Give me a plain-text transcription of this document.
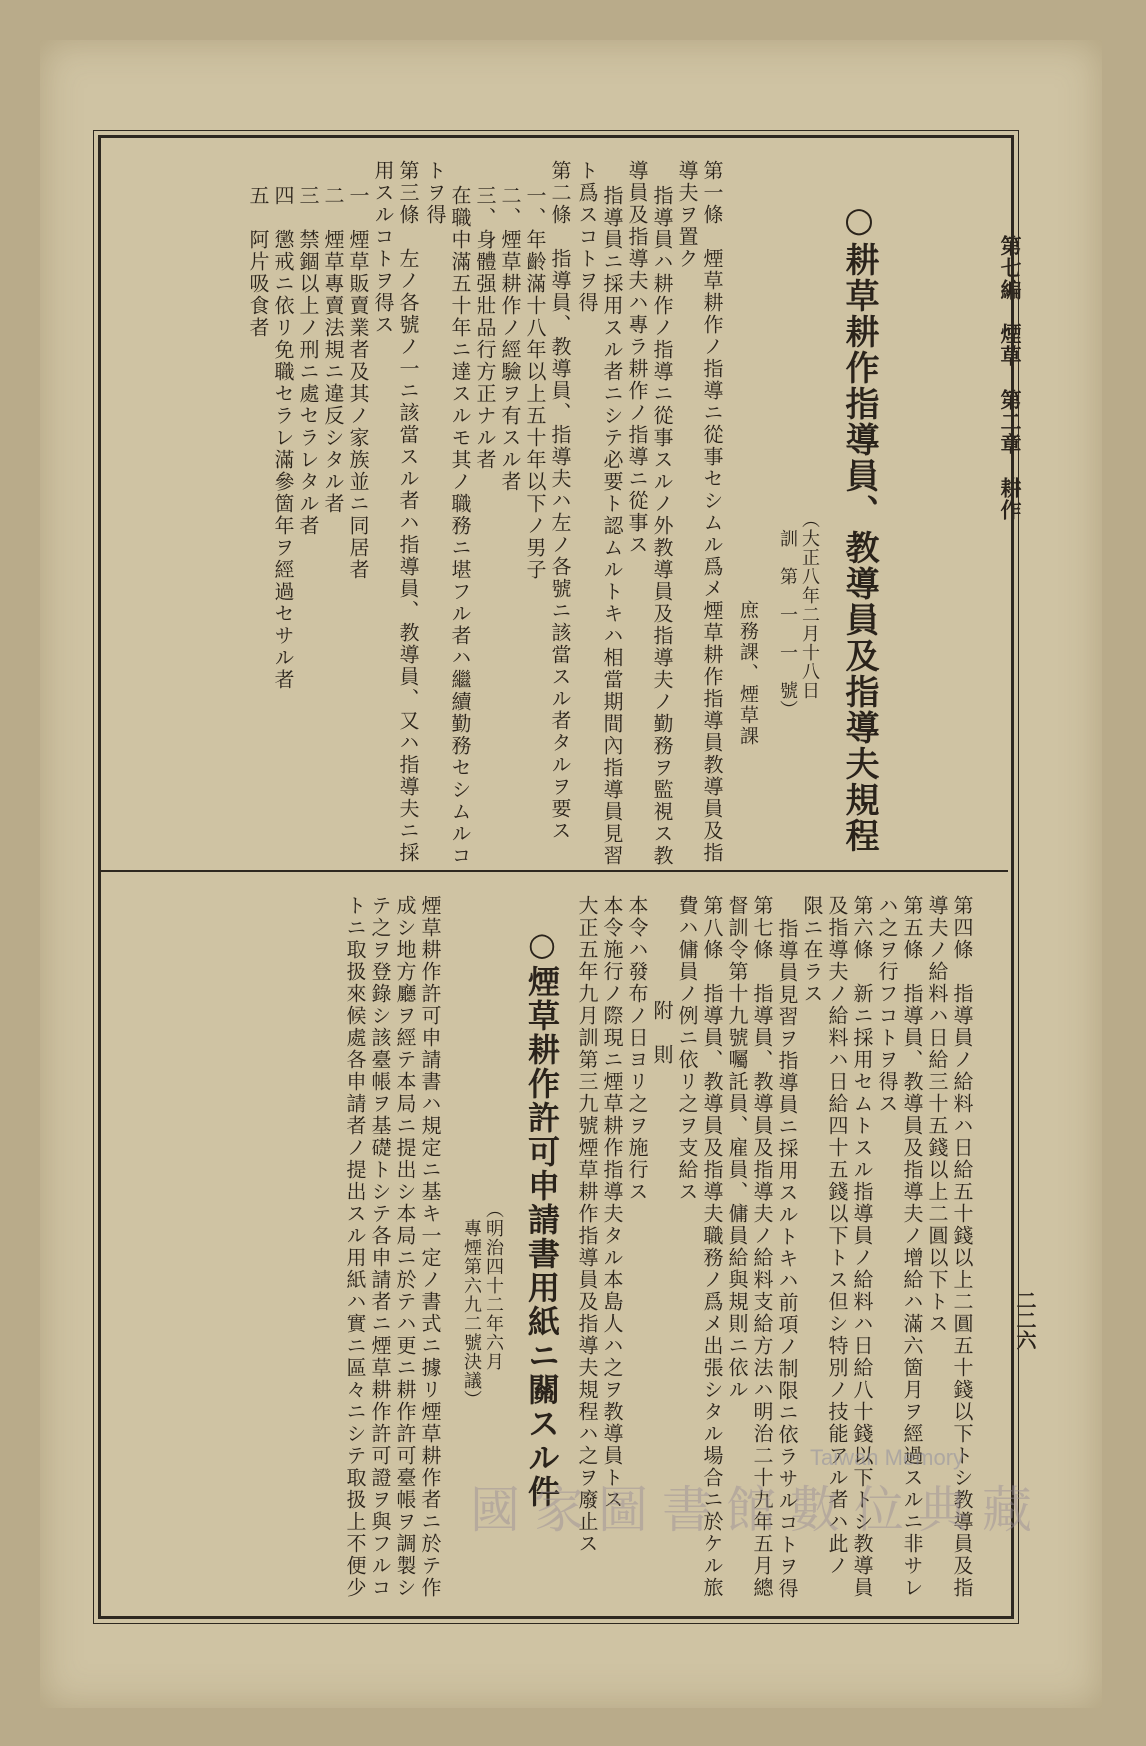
第七編　煙草　第二章　耕作
二二六
○耕草耕作指導員、教導員及指導夫規程
（大正八年二月十八日
　訓　第　一　一　號）
庶務課、煙草課
第一條　煙草耕作ノ指導ニ從事セシムル爲メ煙草耕作指導員教導員及指
導夫ヲ置ク
指導員ハ耕作ノ指導ニ從事スルノ外教導員及指導夫ノ勤務ヲ監視ス教
導員及指導夫ハ專ラ耕作ノ指導ニ從事ス
指導員ニ採用スル者ニシテ必要ト認ムルトキハ相當期間內指導員見習
ト爲スコトヲ得
第二條　指導員、教導員、指導夫ハ左ノ各號ニ該當スル者タルヲ要ス
一、年齡滿十八年以上五十年以下ノ男子
二、煙草耕作ノ經驗ヲ有スル者
三、身體强壯品行方正ナル者
在職中滿五十年ニ達スルモ其ノ職務ニ堪フル者ハ繼續勤務セシムルコ
トヲ得
第三條　左ノ各號ノ一ニ該當スル者ハ指導員、教導員、又ハ指導夫ニ採
用スルコトヲ得ス
一　煙草販賣業者及其ノ家族並ニ同居者
二　煙草專賣法規ニ違反シタル者
三　禁錮以上ノ刑ニ處セラレタル者
四　懲戒ニ依リ免職セラレ滿參箇年ヲ經過セサル者
五　阿片吸食者
第四條　指導員ノ給料ハ日給五十錢以上二圓五十錢以下トシ教導員及指
導夫ノ給料ハ日給三十五錢以上二圓以下トス
第五條　指導員、教導員及指導夫ノ增給ハ滿六箇月ヲ經過スルニ非サレ
ハ之ヲ行フコトヲ得ス
第六條　新ニ採用セムトスル指導員ノ給料ハ日給八十錢以下トシ教導員
及指導夫ノ給料ハ日給四十五錢以下トス但シ特別ノ技能アル者ハ此ノ
限ニ在ラス
指導員見習ヲ指導員ニ採用スルトキハ前項ノ制限ニ依ラサルコトヲ得
第七條　指導員、教導員及指導夫ノ給料支給方法ハ明治二十九年五月總
督訓令第十九號囑託員、雇員、傭員給與規則ニ依ル
第八條　指導員、教導員及指導夫職務ノ爲メ出張シタル場合ニ於ケル旅
費ハ傭員ノ例ニ依リ之ヲ支給ス
附　則
本令ハ發布ノ日ヨリ之ヲ施行ス
本令施行ノ際現ニ煙草耕作指導夫タル本島人ハ之ヲ教導員トス
大正五年九月訓第三九號煙草耕作指導員及指導夫規程ハ之ヲ廢止ス
○煙草耕作許可申請書用紙ニ關スル件
（明治四十二年六月
　專煙第六九二號決議）
煙草耕作許可申請書ハ規定ニ基キ一定ノ書式ニ據リ煙草耕作者ニ於テ作
成シ地方廳ヲ經テ本局ニ提出シ本局ニ於テハ更ニ耕作許可臺帳ヲ調製シ
テ之ヲ登錄シ該臺帳ヲ基礎トシテ各申請者ニ煙草耕作許可證ヲ與フルコ
トニ取扱來候處各申請者ノ提出スル用紙ハ實ニ區々ニシテ取扱上不便少 國家圖書館數位典藏
Taiwan Memory
